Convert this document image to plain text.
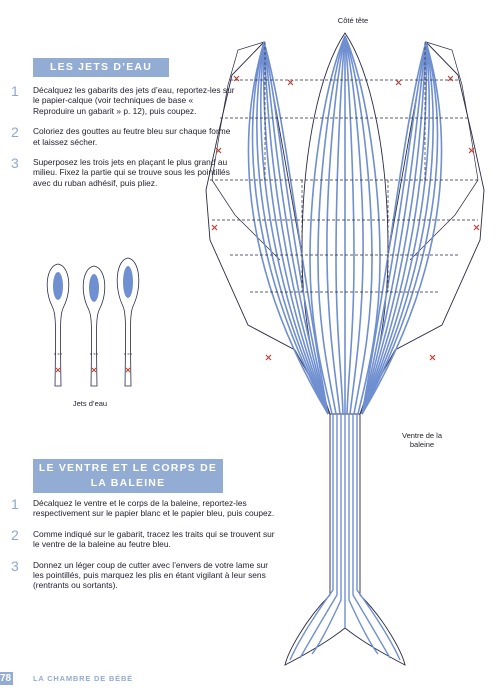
LES JETS D’EAU
1 Décalquez les gabarits des jets d’eau, reportez-les sur le papier-calque (voir techniques de base « Reproduire un gabarit » p. 12), puis coupez.
2 Coloriez des gouttes au feutre bleu sur chaque forme et laissez sécher.
3 Superposez les trois jets en plaçant le plus grand au milieu. Fixez la partie qui se trouve sous les pointillés avec du ruban adhésif, puis pliez.
Jets d’eau
LE VENTRE ET LE CORPS DE LA BALEINE
1 Décalquez le ventre et le corps de la baleine, reportez-les respectivement sur le papier blanc et le papier bleu, puis coupez.
2 Comme indiqué sur le gabarit, tracez les traits qui se trouvent sur le ventre de la baleine au feutre bleu.
3 Donnez un léger coup de cutter avec l’envers de votre lame sur les pointillés, puis marquez les plis en étant vigilant à leur sens (rentrants ou sortants).
Côté tête
Ventre de la baleine
78	LA CHAMBRE DE BÉBÉ
